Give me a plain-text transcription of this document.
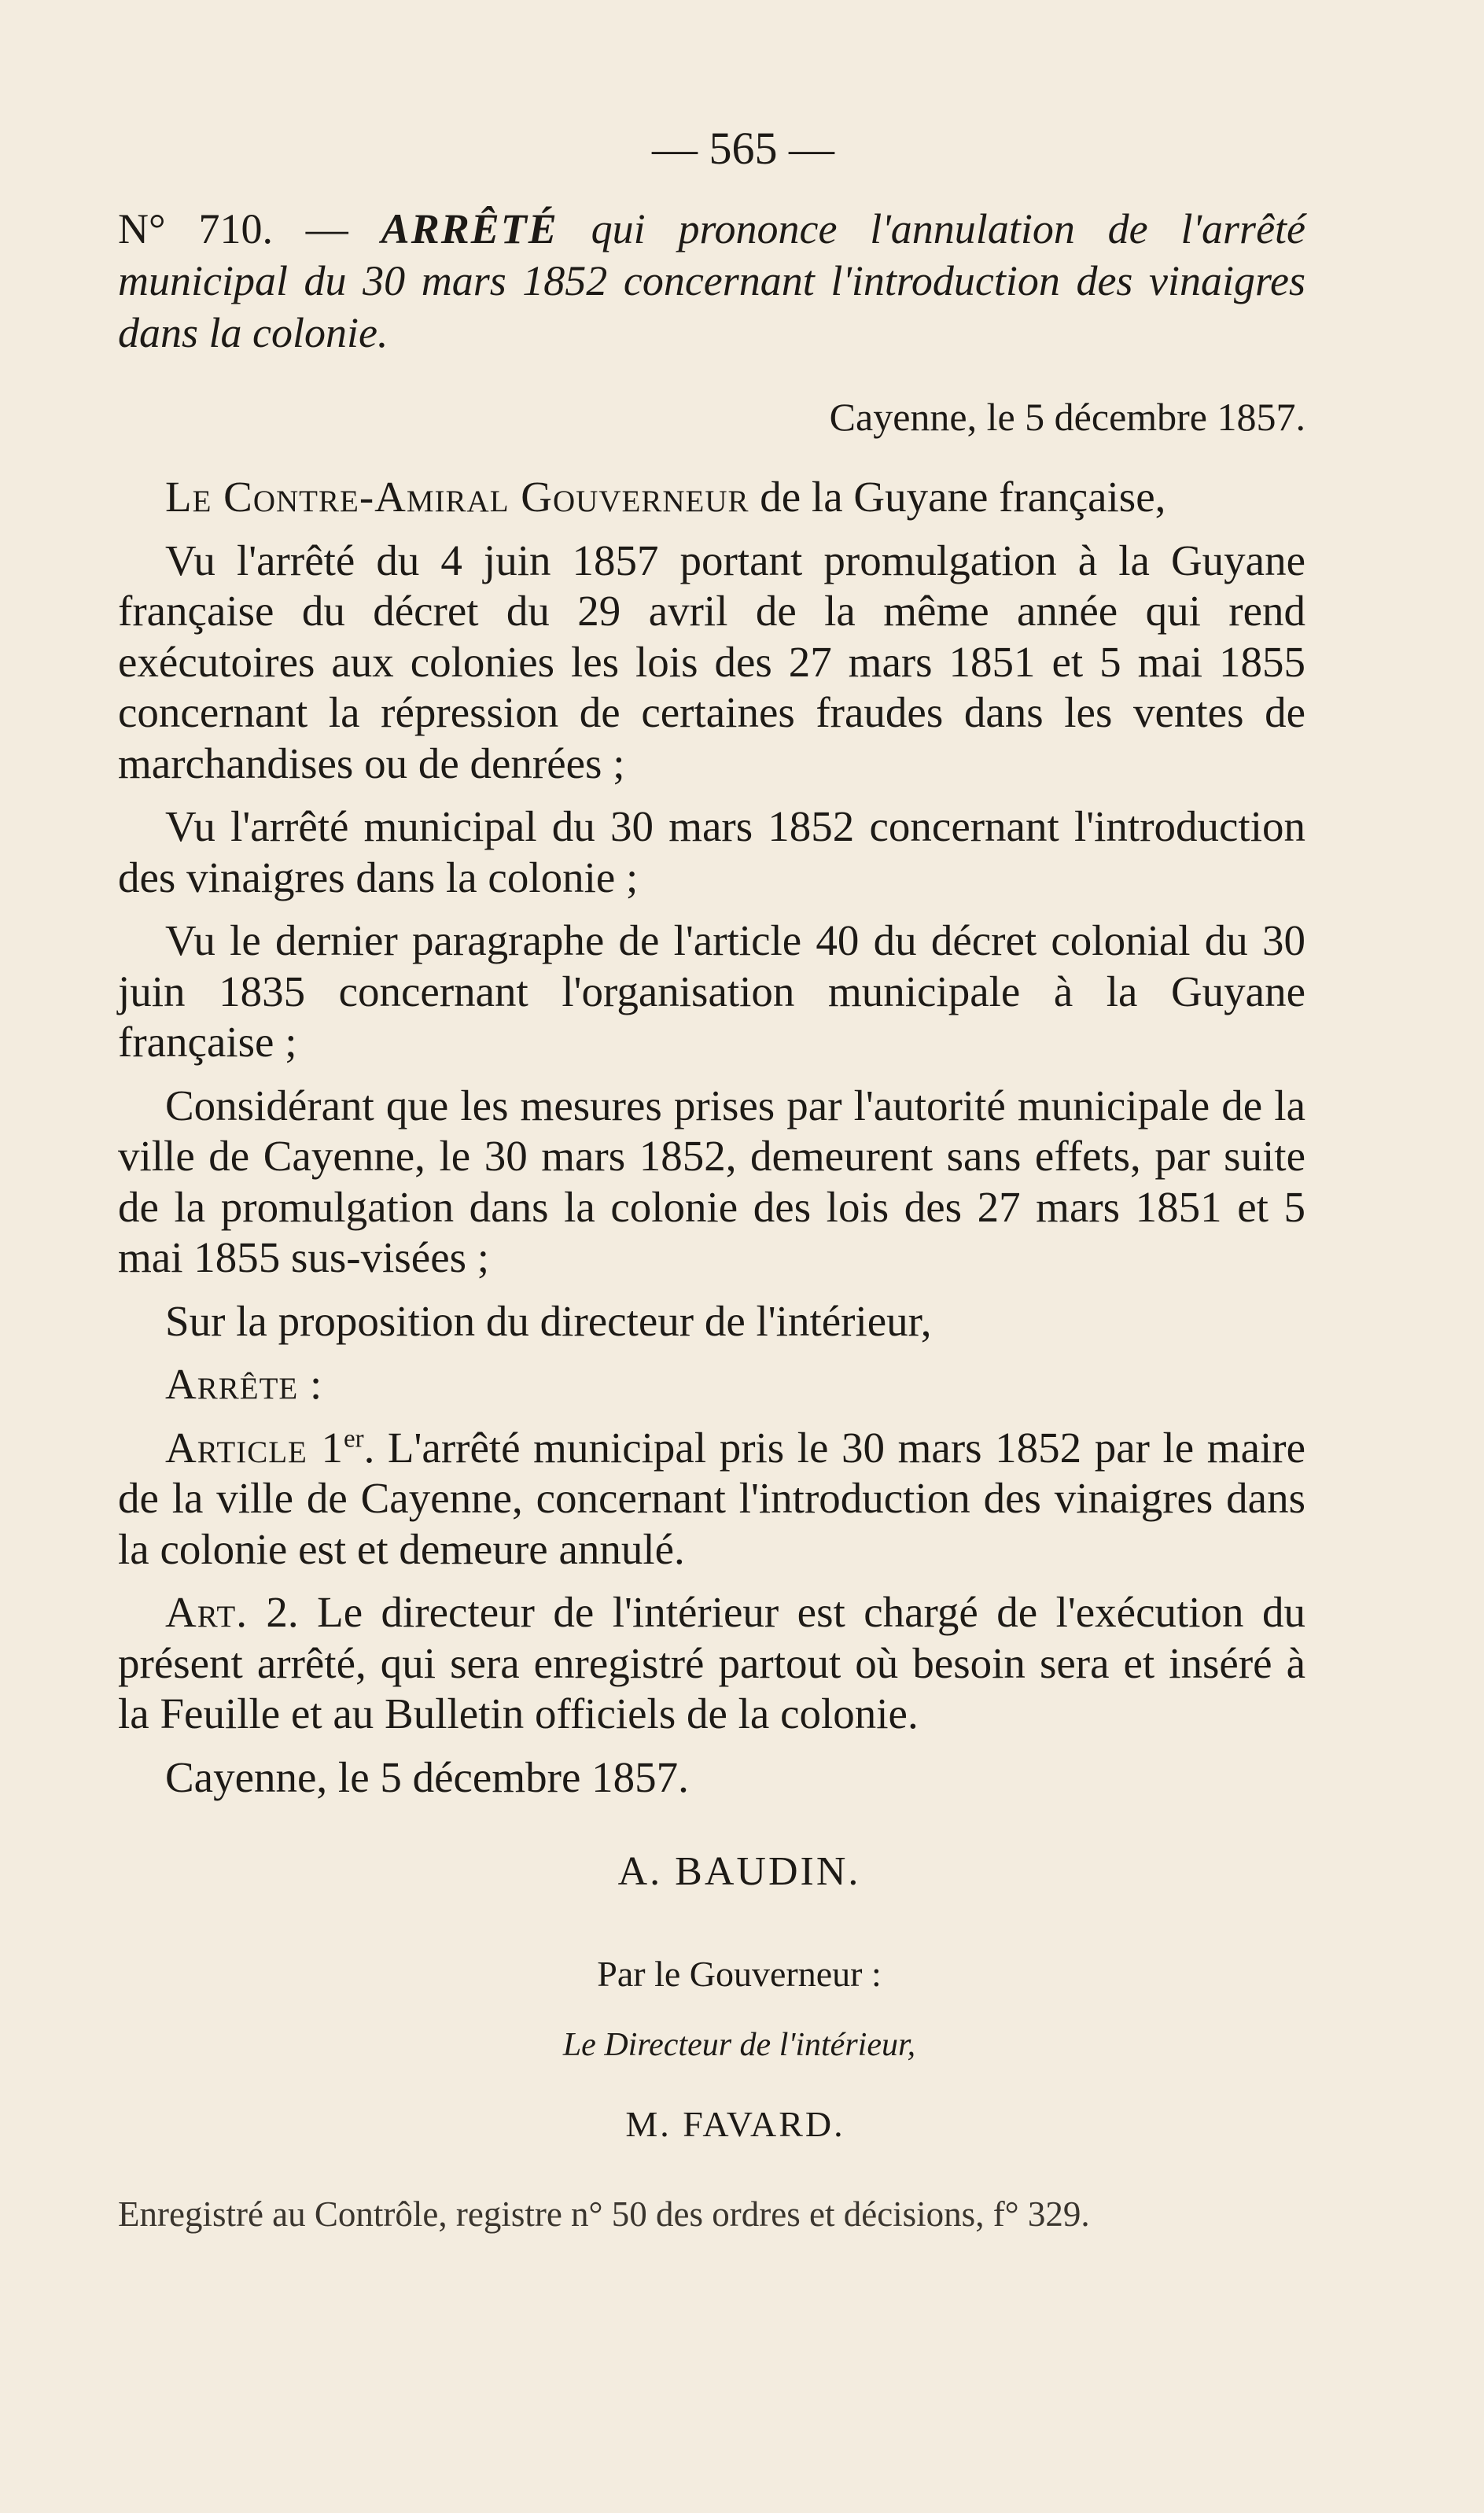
— 565 —
N° 710. — ARRÊTÉ qui prononce l'annulation de l'arrêté municipal du 30 mars 1852 concernant l'introduction des vinaigres dans la colonie.
Cayenne, le 5 décembre 1857.

Le Contre-Amiral Gouverneur de la Guyane française,

Vu l'arrêté du 4 juin 1857 portant promulgation à la Guyane française du décret du 29 avril de la même année qui rend exécutoires aux colonies les lois des 27 mars 1851 et 5 mai 1855 concernant la répression de certaines fraudes dans les ventes de marchandises ou de denrées ;

Vu l'arrêté municipal du 30 mars 1852 concernant l'introduction des vinaigres dans la colonie ;

Vu le dernier paragraphe de l'article 40 du décret colonial du 30 juin 1835 concernant l'organisation municipale à la Guyane française ;

Considérant que les mesures prises par l'autorité municipale de la ville de Cayenne, le 30 mars 1852, demeurent sans effets, par suite de la promulgation dans la colonie des lois des 27 mars 1851 et 5 mai 1855 sus-visées ;

Sur la proposition du directeur de l'intérieur,

Arrête :

Article 1er. L'arrêté municipal pris le 30 mars 1852 par le maire de la ville de Cayenne, concernant l'introduction des vinaigres dans la colonie est et demeure annulé.

Art. 2. Le directeur de l'intérieur est chargé de l'exécution du présent arrêté, qui sera enregistré partout où besoin sera et inséré à la Feuille et au Bulletin officiels de la colonie.

Cayenne, le 5 décembre 1857.

A. BAUDIN.
Par le Gouverneur :
Le Directeur de l'intérieur,
M. FAVARD.
Enregistré au Contrôle, registre n° 50 des ordres et décisions, f° 329.
